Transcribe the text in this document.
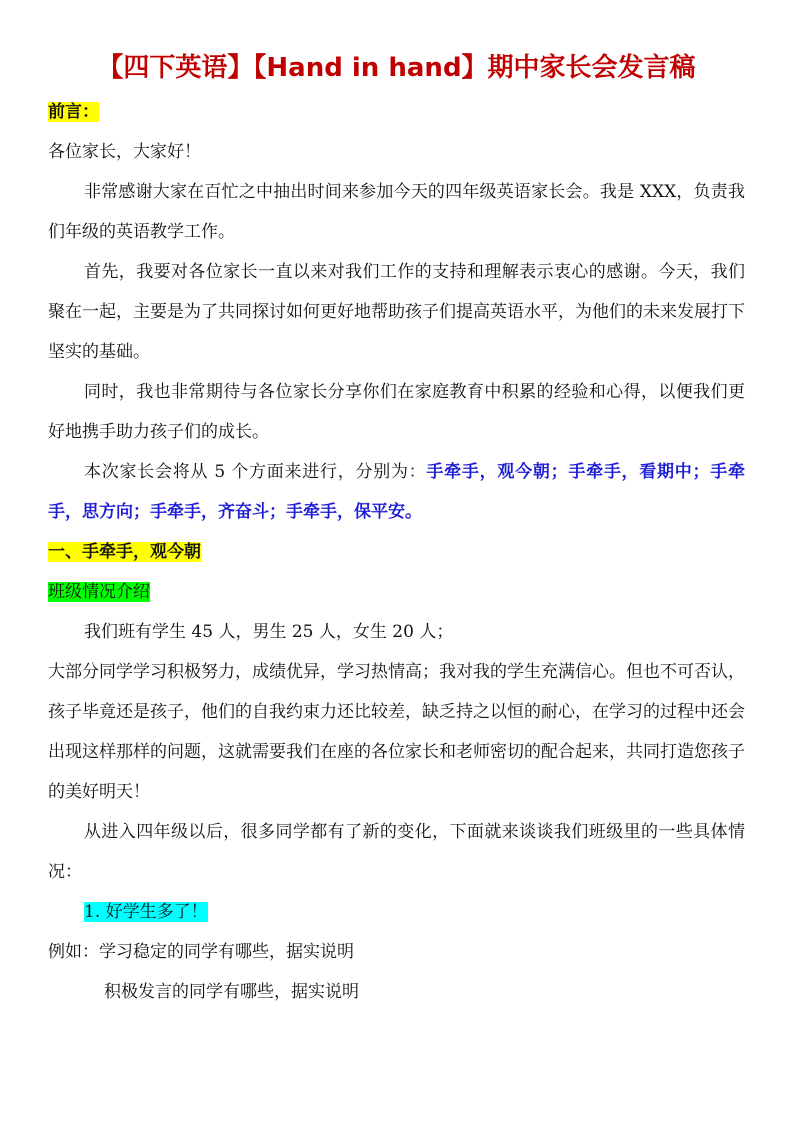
【四下英语】【Hand in hand】期中家长会发言稿

前言：

各位家长，大家好！

非常感谢大家在百忙之中抽出时间来参加今天的四年级英语家长会。我是 XXX，负责我们年级的英语教学工作。

首先，我要对各位家长一直以来对我们工作的支持和理解表示衷心的感谢。今天，我们聚在一起，主要是为了共同探讨如何更好地帮助孩子们提高英语水平，为他们的未来发展打下坚实的基础。

同时，我也非常期待与各位家长分享你们在家庭教育中积累的经验和心得，以便我们更好地携手助力孩子们的成长。

本次家长会将从 5 个方面来进行，分别为：手牵手，观今朝；手牵手，看期中；手牵手，思方向；手牵手，齐奋斗；手牵手，保平安。

一、手牵手，观今朝

班级情况介绍

我们班有学生 45 人，男生 25 人，女生 20 人；

大部分同学学习积极努力，成绩优异，学习热情高；我对我的学生充满信心。但也不可否认，孩子毕竟还是孩子，他们的自我约束力还比较差，缺乏持之以恒的耐心，在学习的过程中还会出现这样那样的问题，这就需要我们在座的各位家长和老师密切的配合起来，共同打造您孩子的美好明天！

从进入四年级以后，很多同学都有了新的变化，下面就来谈谈我们班级里的一些具体情况：

1. 好学生多了！

例如：学习稳定的同学有哪些，据实说明

积极发言的同学有哪些，据实说明
